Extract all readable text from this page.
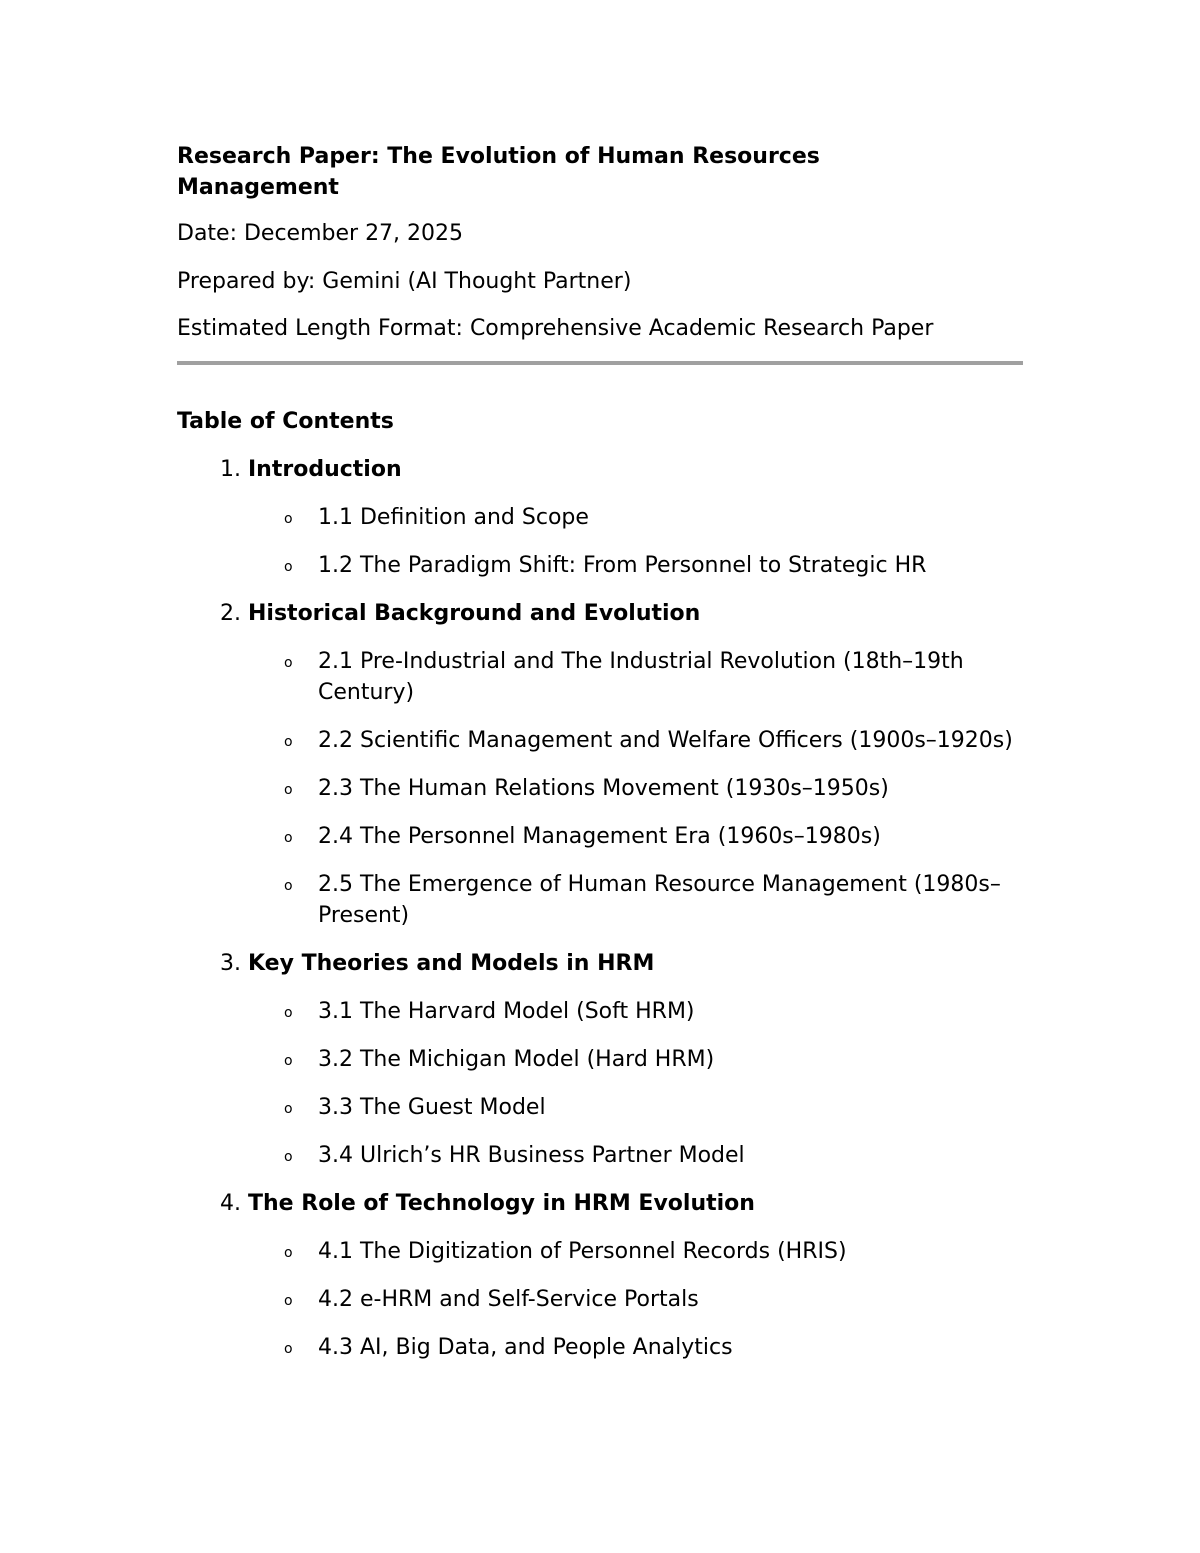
Research Paper: The Evolution of Human Resources Management

Date: December 27, 2025

Prepared by: Gemini (AI Thought Partner)

Estimated Length Format: Comprehensive Academic Research Paper

Table of Contents
1. Introduction
o 1.1 Definition and Scope
o 1.2 The Paradigm Shift: From Personnel to Strategic HR
2. Historical Background and Evolution
o 2.1 Pre-Industrial and The Industrial Revolution (18th–19th Century)
o 2.2 Scientific Management and Welfare Officers (1900s–1920s)
o 2.3 The Human Relations Movement (1930s–1950s)
o 2.4 The Personnel Management Era (1960s–1980s)
o 2.5 The Emergence of Human Resource Management (1980s–Present)
3. Key Theories and Models in HRM
o 3.1 The Harvard Model (Soft HRM)
o 3.2 The Michigan Model (Hard HRM)
o 3.3 The Guest Model
o 3.4 Ulrich’s HR Business Partner Model
4. The Role of Technology in HRM Evolution
o 4.1 The Digitization of Personnel Records (HRIS)
o 4.2 e-HRM and Self-Service Portals
o 4.3 AI, Big Data, and People Analytics
